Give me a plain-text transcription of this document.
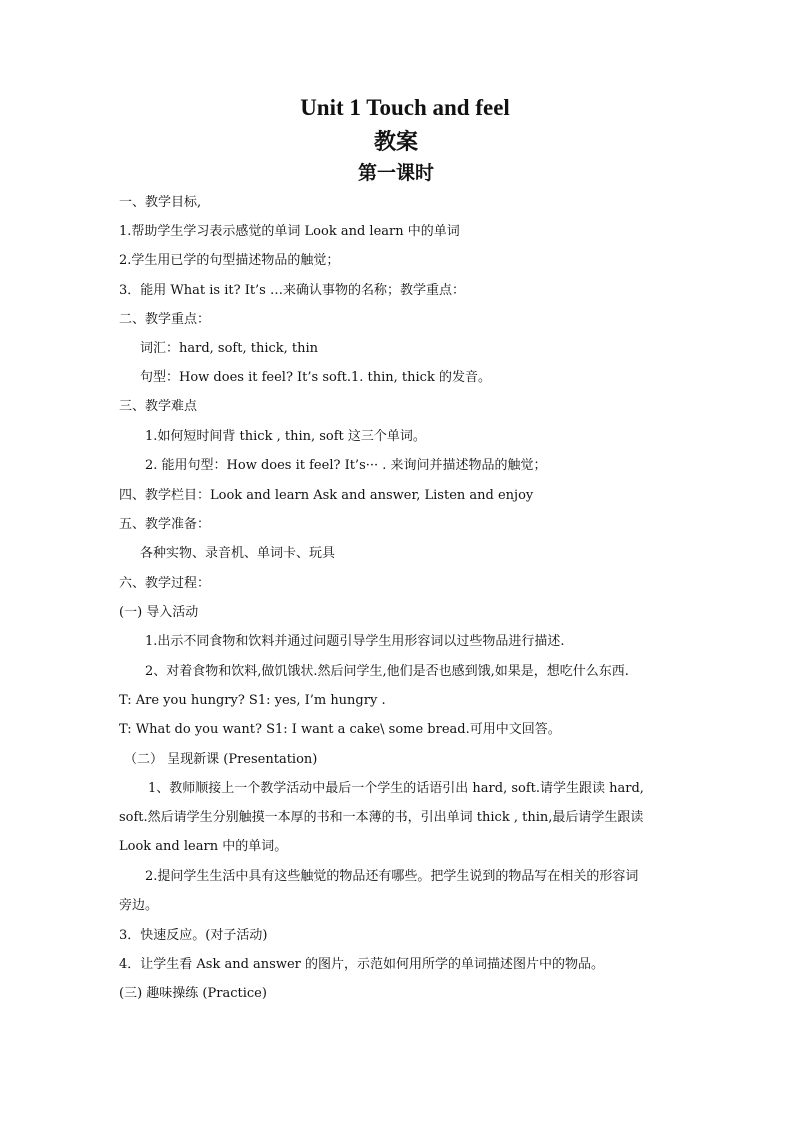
Unit 1 Touch and feel
教案
第一课时
一、教学目标,
1.帮助学生学习表示感觉的单词 Look and learn 中的单词
2.学生用已学的句型描述物品的触觉；
3．能用 What is it? It’s …来确认事物的名称；教学重点：
二、教学重点：
词汇：hard, soft, thick, thin
句型：How does it feel? It’s soft.1. thin, thick 的发音。
三、教学难点
1.如何短时间背 thick , thin, soft 这三个单词。
2. 能用句型：How does it feel? It’s··· . 来询问并描述物品的触觉；
四、教学栏目：Look and learn Ask and answer, Listen and enjoy
五、教学准备：
各种实物、录音机、单词卡、玩具
六、教学过程：
(一) 导入活动
1.出示不同食物和饮料并通过问题引导学生用形容词以过些物品进行描述.
2、对着食物和饮料,做饥饿状.然后问学生,他们是否也感到饿,如果是，想吃什么东西.
T: Are you hungry? S1: yes, I’m hungry .
T: What do you want? S1: I want a cake\ some bread.可用中文回答。
（二） 呈现新课 (Presentation)
1、教师顺接上一个教学活动中最后一个学生的话语引出 hard, soft.请学生跟读 hard,
soft.然后请学生分别触摸一本厚的书和一本薄的书，引出单词 thick , thin,最后请学生跟读
Look and learn 中的单词。
2.提问学生生活中具有这些触觉的物品还有哪些。把学生说到的物品写在相关的形容词
旁边。
3．快速反应。(对子活动)
4．让学生看 Ask and answer 的图片，示范如何用所学的单词描述图片中的物品。
(三) 趣味操练 (Practice)
